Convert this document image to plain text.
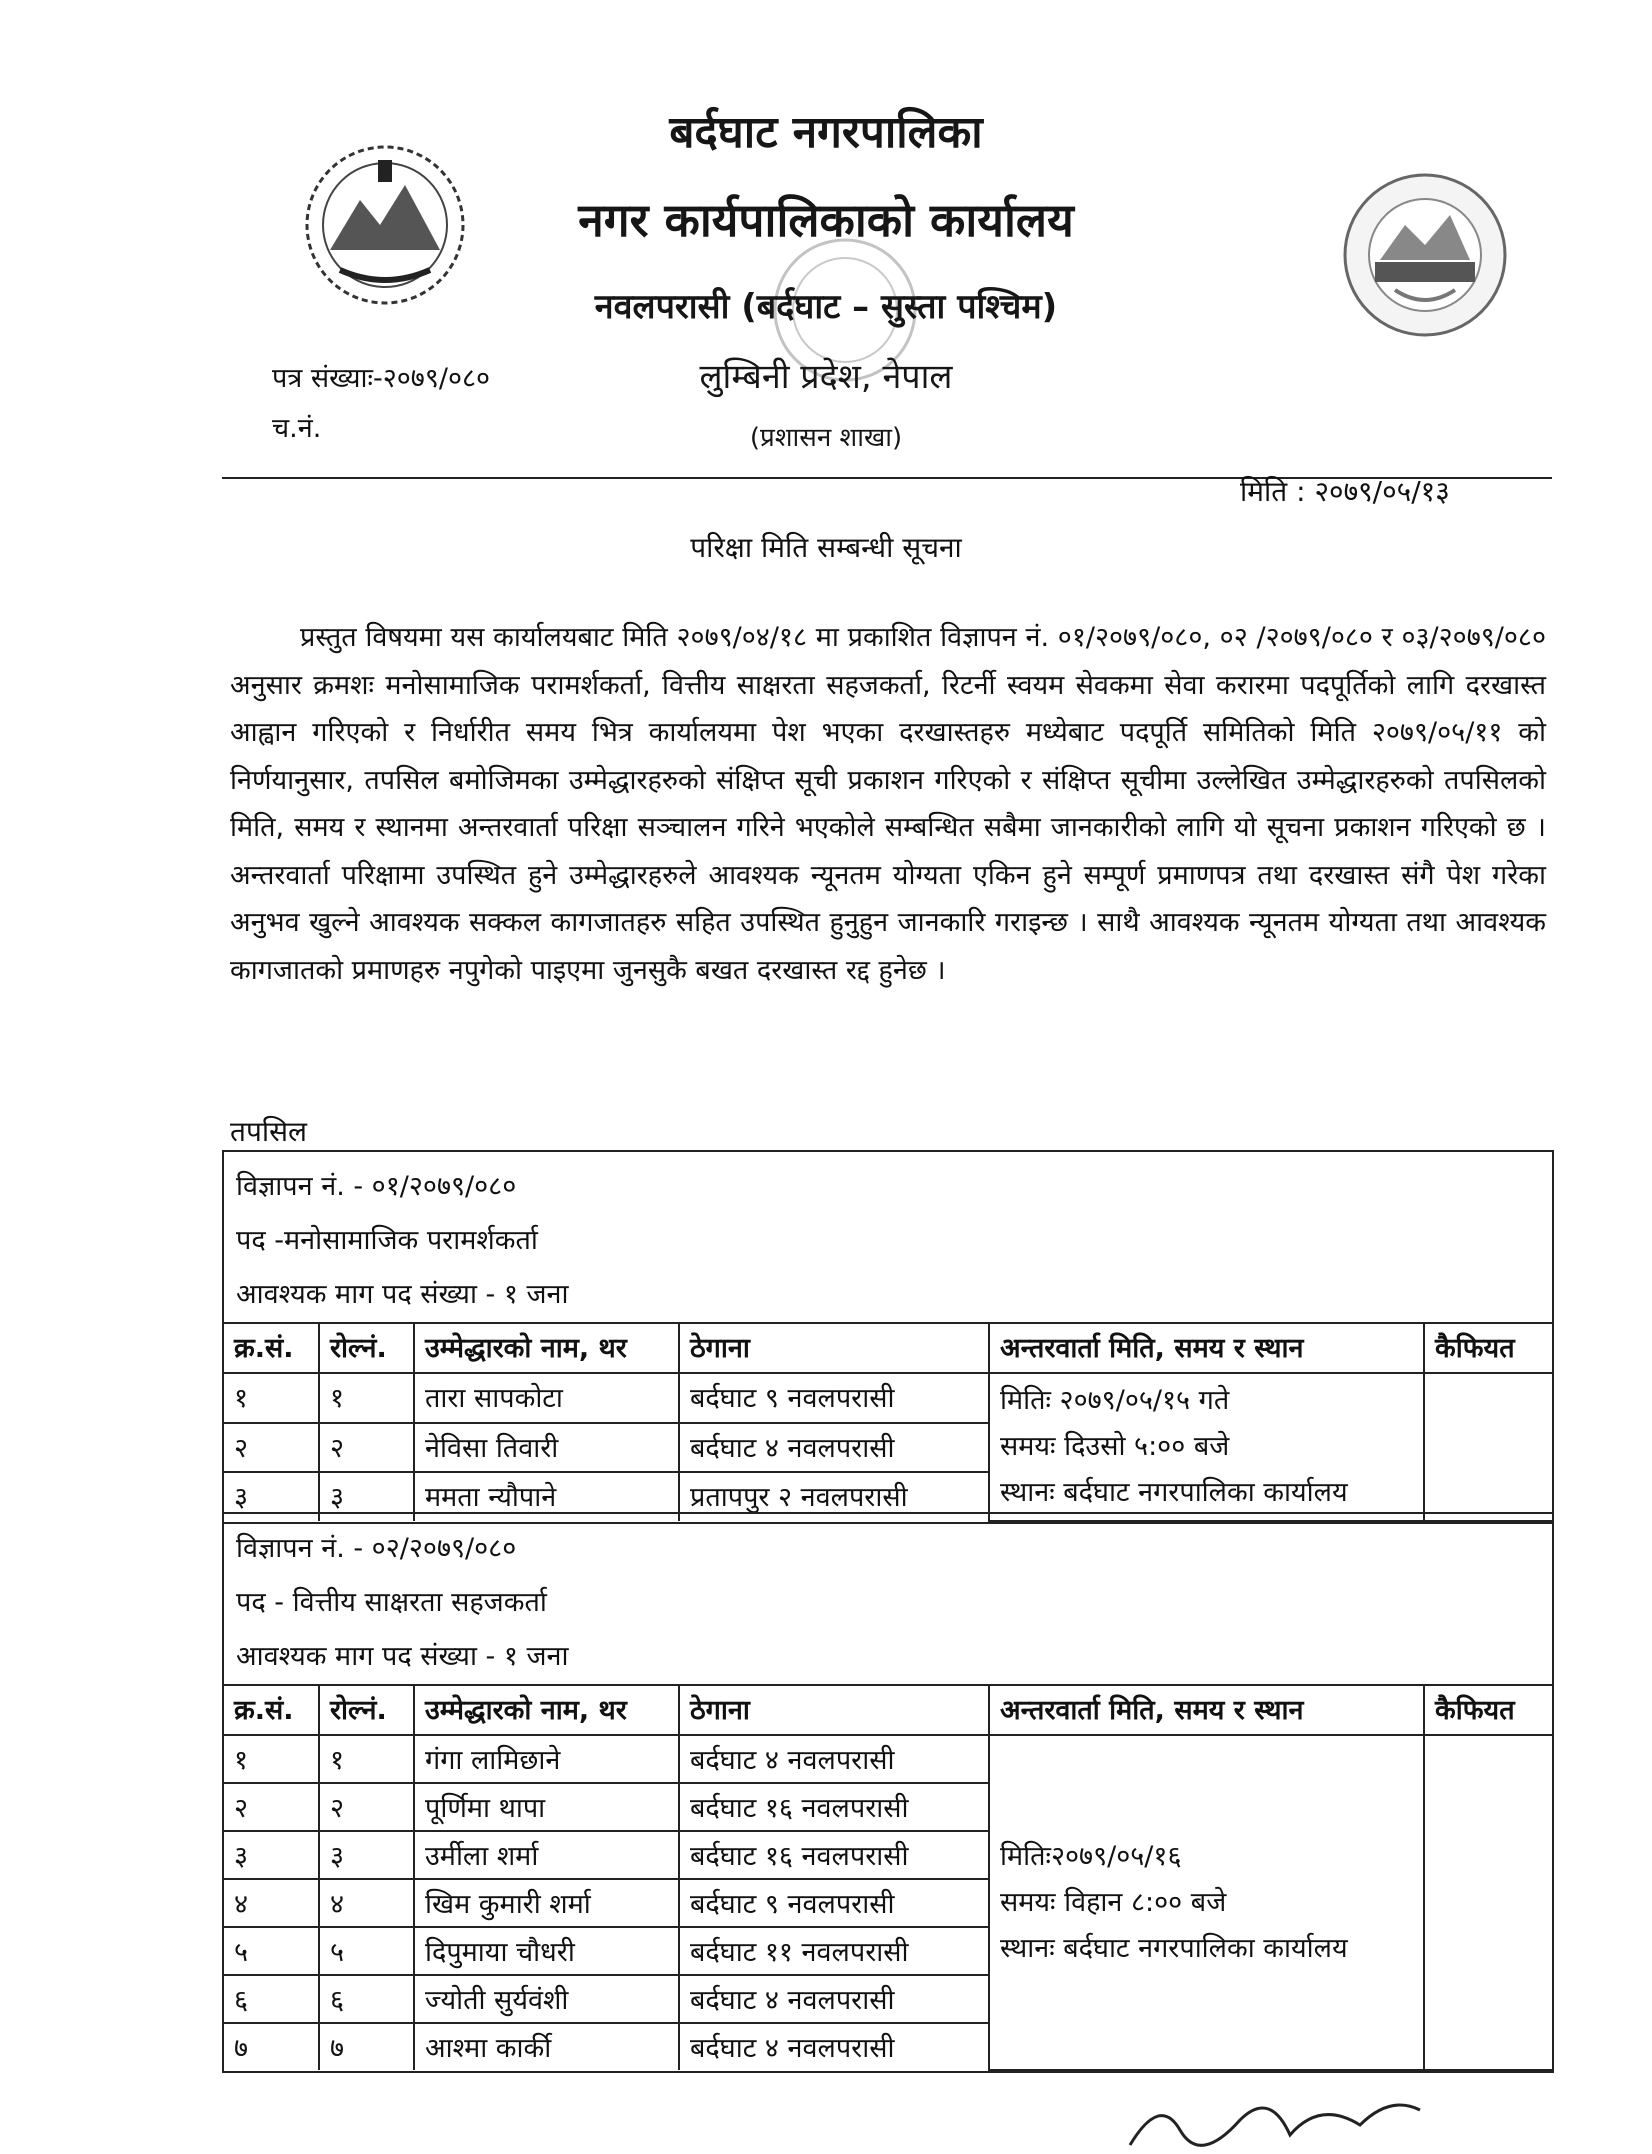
बर्दघाट नगरपालिका
नगर कार्यपालिकाको कार्यालय
नवलपरासी (बर्दघाट – सुस्ता पश्चिम)
लुम्बिनी प्रदेश, नेपाल
(प्रशासन शाखा)
पत्र संख्याः-२०७९/०८०
च.नं.
मिति : २०७९/०५/१३
परिक्षा मिति सम्बन्धी सूचना
प्रस्तुत विषयमा यस कार्यालयबाट मिति २०७९/०४/१८ मा प्रकाशित विज्ञापन नं. ०१/२०७९/०८०, ०२ /२०७९/०८० र ०३/२०७९/०८० अनुसार क्रमशः मनोसामाजिक परामर्शकर्ता, वित्तीय साक्षरता सहजकर्ता, रिटर्नी स्वयम सेवकमा सेवा करारमा पदपूर्तिको लागि दरखास्त आह्वान गरिएको र निर्धारीत समय भित्र कार्यालयमा पेश भएका दरखास्तहरु मध्येबाट पदपूर्ति समितिको मिति २०७९/०५/११ को निर्णयानुसार, तपसिल बमोजिमका उम्मेद्धारहरुको संक्षिप्त सूची प्रकाशन गरिएको र संक्षिप्त सूचीमा उल्लेखित उम्मेद्धारहरुको तपसिलको मिति, समय र स्थानमा अन्तरवार्ता परिक्षा सञ्चालन गरिने भएकोले सम्बन्धित सबैमा जानकारीको लागि यो सूचना प्रकाशन गरिएको छ ।अन्तरवार्ता परिक्षामा उपस्थित हुने उम्मेद्धारहरुले आवश्यक न्यूनतम योग्यता एकिन हुने सम्पूर्ण प्रमाणपत्र तथा दरखास्त संगै पेश गरेका अनुभव खुल्ने आवश्यक सक्कल कागजातहरु सहित उपस्थित हुनुहुन जानकारि गराइन्छ । साथै आवश्यक न्यूनतम योग्यता तथा आवश्यक कागजातको प्रमाणहरु नपुगेको पाइएमा जुनसुकै बखत दरखास्त रद्द हुनेछ ।
तपसिल
विज्ञापन नं. - ०१/२०७९/०८०
पद -मनोसामाजिक परामर्शकर्ता
आवश्यक माग पद संख्या - १ जना
क्र.सं.	रोल्नं.	उम्मेद्धारको नाम, थर	ठेगाना	अन्तरवार्ता मिति, समय र स्थान	कैफियत
१	१	तारा सापकोटा	बर्दघाट ९ नवलपरासी	मितिः २०७९/०५/१५ गते
समयः दिउसो ५:०० बजे
स्थानः बर्दघाट नगरपालिका कार्यालय	

२	२	नेविसा तिवारी	बर्दघाट ४ नवलपरासी		
३	३	ममता न्यौपाने	प्रतापपुर २ नवलपरासी		
विज्ञापन नं. - ०२/२०७९/०८०
पद - वित्तीय साक्षरता सहजकर्ता
आवश्यक माग पद संख्या - १ जना
क्र.सं.	रोल्नं.	उम्मेद्धारको नाम, थर	ठेगाना	अन्तरवार्ता मिति, समय र स्थान	कैफियत
१	१	गंगा लामिछाने	बर्दघाट ४ नवलपरासी	मितिः२०७९/०५/१६
समयः विहान ८:०० बजे
स्थानः बर्दघाट नगरपालिका कार्यालय	

२	२	पूर्णिमा थापा	बर्दघाट १६ नवलपरासी		
३	३	उर्मीला शर्मा	बर्दघाट १६ नवलपरासी		
४	४	खिम कुमारी शर्मा	बर्दघाट ९ नवलपरासी		
५	५	दिपुमाया चौधरी	बर्दघाट ११ नवलपरासी		
६	६	ज्योती सुर्यवंशी	बर्दघाट ४ नवलपरासी		
७	७	आश्मा कार्की	बर्दघाट ४ नवलपरासी		
